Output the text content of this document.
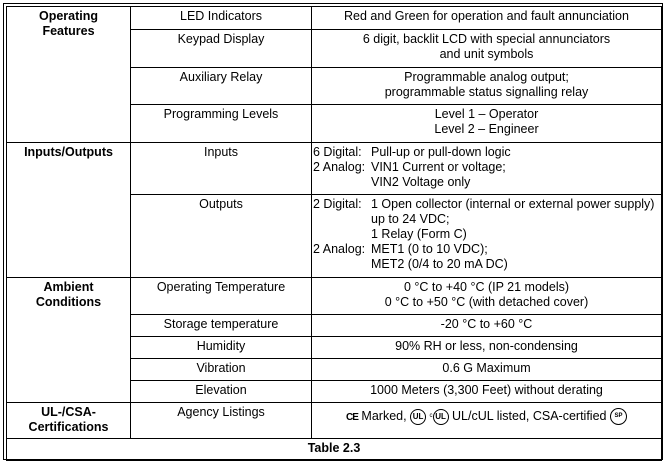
Operating
Features	LED Indicators	Red and Green for operation and fault annunciation

	Keypad Display	6 digit, backlit LCD with special annunciators
and unit symbols

	Auxiliary Relay	Programmable analog output;
programmable status signalling relay

	Programming Levels	Level 1 – Operator
Level 2 – Engineer

Inputs/Outputs	Inputs	6 Digital: Pull-up or pull-down logic
2 Analog: VIN1 Current or voltage;
VIN2 Voltage only

	Outputs	2 Digital: 1 Open collector (internal or external power supply)
up to 24 VDC;
1 Relay (Form C)
2 Analog: MET1 (0 to 10 VDC);
MET2 (0/4 to 20 mA DC)

Ambient
Conditions	Operating Temperature	0 °C to +40 °C (IP 21 models)
0 °C to +50 °C (with detached cover)

	Storage temperature	-20 °C to +60 °C
	Humidity	90% RH or less, non-condensing
	Vibration	0.6 G Maximum
	Elevation	1000 Meters (3,300 Feet) without derating

UL-/CSA-
Certifications	Agency Listings	CE Marked, UL c UL UL/cUL listed, CSA-certified SP
Table 2.3		
